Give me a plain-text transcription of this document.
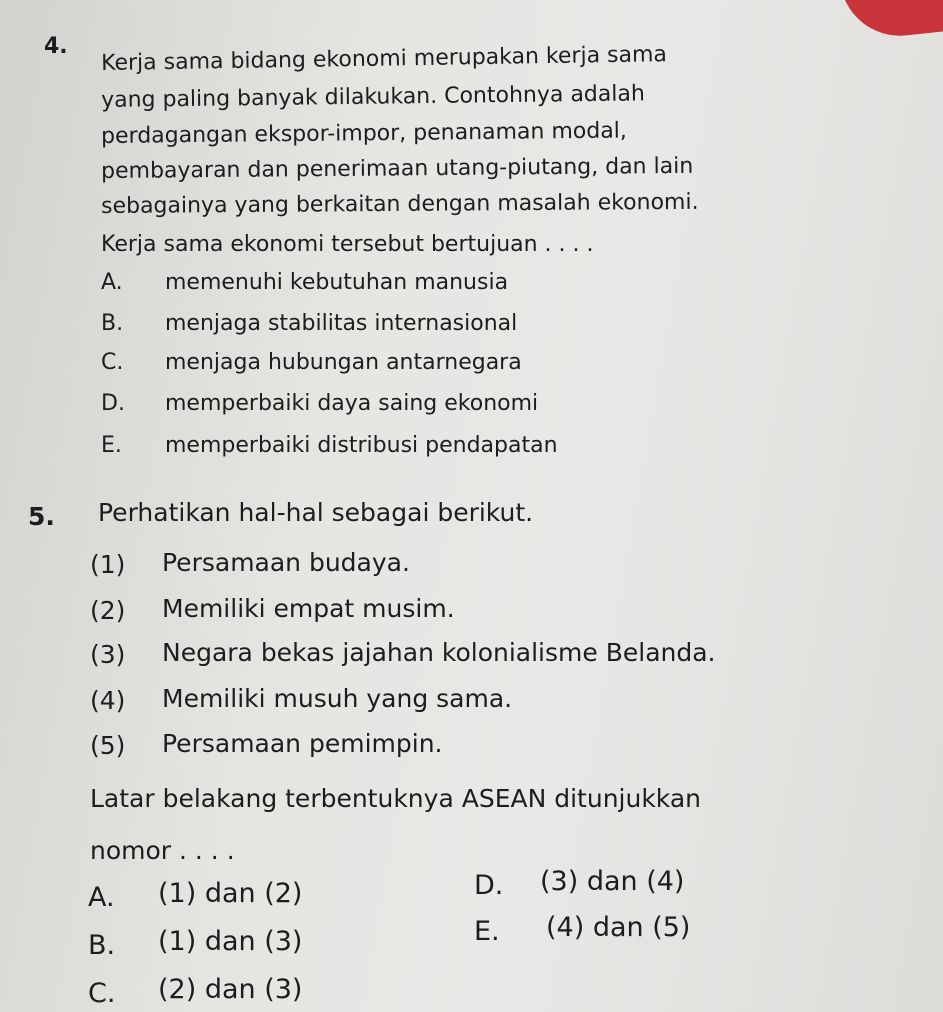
4. Kerja sama bidang ekonomi merupakan kerja sama

yang paling banyak dilakukan. Contohnya adalah

perdagangan ekspor-impor, penanaman modal,

pembayaran dan penerimaan utang-piutang, dan lain

sebagainya yang berkaitan dengan masalah ekonomi.

Kerja sama ekonomi tersebut bertujuan . . . .

A. memenuhi kebutuhan manusia

B. menjaga stabilitas internasional

C. menjaga hubungan antarnegara

D. memperbaiki daya saing ekonomi

E. memperbaiki distribusi pendapatan

5. Perhatikan hal-hal sebagai berikut.

(1) Persamaan budaya.

(2) Memiliki empat musim.

(3) Negara bekas jajahan kolonialisme Belanda.

(4) Memiliki musuh yang sama.

(5) Persamaan pemimpin.

Latar belakang terbentuknya ASEAN ditunjukkan

nomor . . . .

A. (1) dan (2)

B. (1) dan (3)

C. (2) dan (3)

D. (3) dan (4)

E. (4) dan (5)
